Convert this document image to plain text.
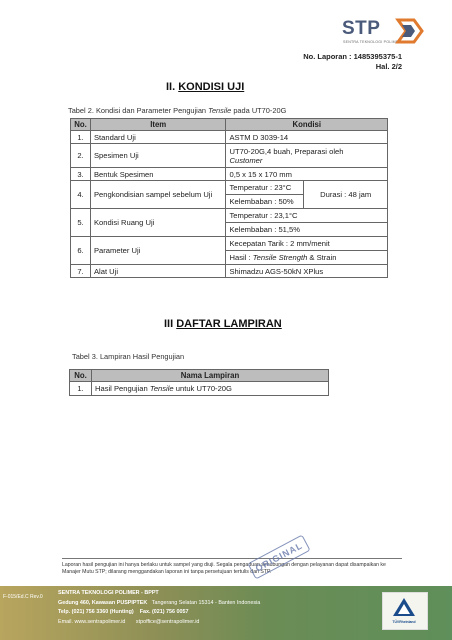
STP
SENTRA TEKNOLOGI POLIMER
No. Laporan : 1485395375-1
Hal. 2/2
II. KONDISI UJI
Tabel 2. Kondisi dan Parameter Pengujian Tensile pada UT70-20G
No.	Item	Kondisi	
1.	Standard Uji	ASTM D 3039-14	
2.	Spesimen Uji	UT70-20G,4 buah, Preparasi oleh
Customer	
3.	Bentuk Spesimen	0,5 x 15 x 170 mm	
4.	Pengkondisian sampel sebelum Uji	Temperatur : 23°C	Durasi : 48 jam
		Kelembaban : 50%	
5.	Kondisi Ruang Uji	Temperatur : 23,1°C	
		Kelembaban : 51,5%	
6.	Parameter Uji	Kecepatan Tarik : 2 mm/menit	
		Hasil : Tensile Strength & Strain	
7.	Alat Uji	Shimadzu AGS-50kN XPlus	
III DAFTAR LAMPIRAN
Tabel 3. Lampiran Hasil Pengujian
No.	Nama Lampiran
1.	Hasil Pengujian Tensile untuk UT70-20G
Laporan hasil pengujian ini hanya berlaku untuk sampel yang diuji. Segala pengaduan sehubungan dengan pelayanan dapat disampaikan ke Manajer Mutu STP; dilarang menggandakan laporan ini tanpa persetujuan tertulis dari STP.
ORIGINAL
F-015/Ed.C Rev.0
SENTRA TEKNOLOGI POLIMER - BPPT
Gedung 460, Kawasan PUSPIPTEK Tangerang Selatan 15314 - Banten Indonesia
Telp. (021) 756 3360 (Hunting) Fax. (021) 756 0057
Email. www.sentrapolimer.id stpoffice@sentrapolimer.id	TÜVRheinland
